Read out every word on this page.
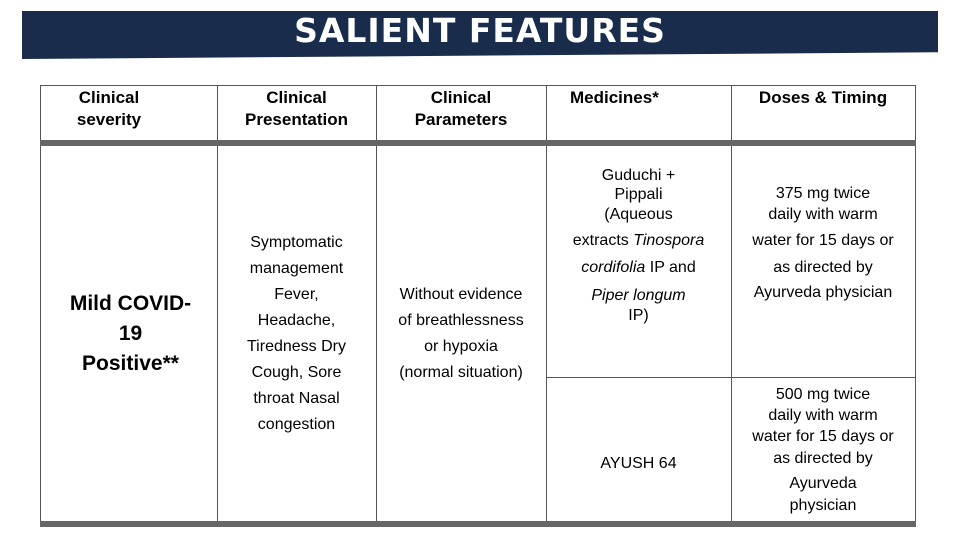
SALIENT FEATURES
Clinical
severity
Clinical
Presentation
Clinical
Parameters
Medicines*	Doses & Timing
Mild COVID-
19
Positive**
Symptomatic
management
Fever,
Headache,
Tiredness Dry
Cough, Sore
throat Nasal
congestion
Without evidence
of breathlessness
or hypoxia
(normal situation)
Guduchi +
Pippali
(Aqueous
extracts Tinospora
cordifolia IP and
Piper longum
IP)
375 mg twice
daily with warm
water for 15 days or
as directed by
Ayurveda physician
AYUSH 64
500 mg twice
daily with warm
water for 15 days or
as directed by
Ayurveda
physician
